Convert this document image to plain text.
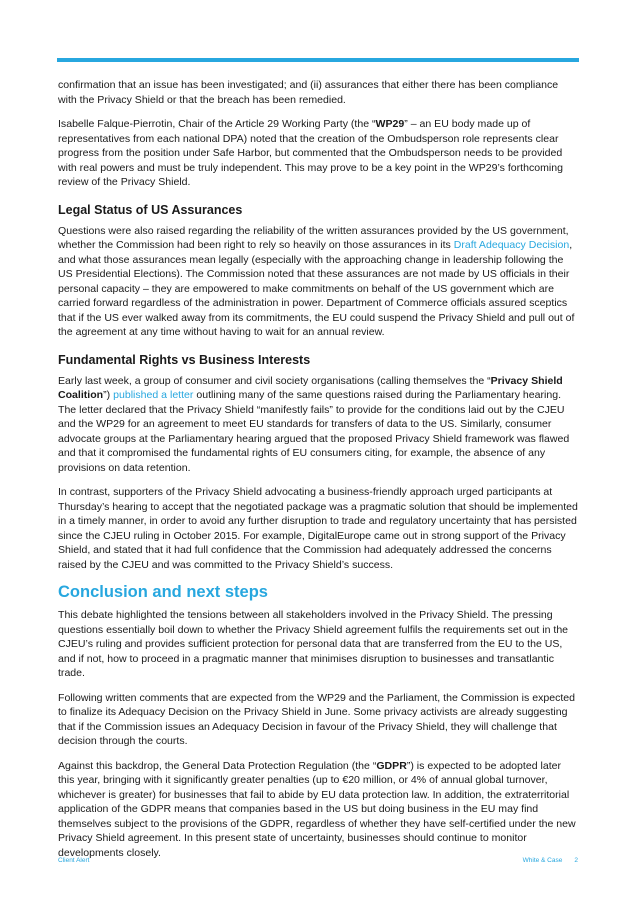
confirmation that an issue has been investigated; and (ii) assurances that either there has been compliance with the Privacy Shield or that the breach has been remedied.

Isabelle Falque-Pierrotin, Chair of the Article 29 Working Party (the “WP29” – an EU body made up of representatives from each national DPA) noted that the creation of the Ombudsperson role represents clear progress from the position under Safe Harbor, but commented that the Ombudsperson needs to be provided with real powers and must be truly independent. This may prove to be a key point in the WP29’s forthcoming review of the Privacy Shield.

Legal Status of US Assurances

Questions were also raised regarding the reliability of the written assurances provided by the US government, whether the Commission had been right to rely so heavily on those assurances in its Draft Adequacy Decision, and what those assurances mean legally (especially with the approaching change in leadership following the US Presidential Elections). The Commission noted that these assurances are not made by US officials in their personal capacity – they are empowered to make commitments on behalf of the US government which are carried forward regardless of the administration in power. Department of Commerce officials assured sceptics that if the US ever walked away from its commitments, the EU could suspend the Privacy Shield and pull out of the agreement at any time without having to wait for an annual review.

Fundamental Rights vs Business Interests

Early last week, a group of consumer and civil society organisations (calling themselves the “Privacy Shield Coalition”) published a letter outlining many of the same questions raised during the Parliamentary hearing. The letter declared that the Privacy Shield “manifestly fails” to provide for the conditions laid out by the CJEU and the WP29 for an agreement to meet EU standards for transfers of data to the US. Similarly, consumer advocate groups at the Parliamentary hearing argued that the proposed Privacy Shield framework was flawed and that it compromised the fundamental rights of EU consumers citing, for example, the absence of any provisions on data retention.

In contrast, supporters of the Privacy Shield advocating a business-friendly approach urged participants at Thursday’s hearing to accept that the negotiated package was a pragmatic solution that should be implemented in a timely manner, in order to avoid any further disruption to trade and regulatory uncertainty that has persisted since the CJEU ruling in October 2015. For example, DigitalEurope came out in strong support of the Privacy Shield, and stated that it had full confidence that the Commission had adequately addressed the concerns raised by the CJEU and was committed to the Privacy Shield’s success.

Conclusion and next steps

This debate highlighted the tensions between all stakeholders involved in the Privacy Shield. The pressing questions essentially boil down to whether the Privacy Shield agreement fulfils the requirements set out in the CJEU’s ruling and provides sufficient protection for personal data that are transferred from the EU to the US, and if not, how to proceed in a pragmatic manner that minimises disruption to businesses and transatlantic trade.

Following written comments that are expected from the WP29 and the Parliament, the Commission is expected to finalize its Adequacy Decision on the Privacy Shield in June. Some privacy activists are already suggesting that if the Commission issues an Adequacy Decision in favour of the Privacy Shield, they will challenge that decision through the courts.

Against this backdrop, the General Data Protection Regulation (the “GDPR”) is expected to be adopted later this year, bringing with it significantly greater penalties (up to €20 million, or 4% of annual global turnover, whichever is greater) for businesses that fail to abide by EU data protection law. In addition, the extraterritorial application of the GDPR means that companies based in the US but doing business in the EU may find themselves subject to the provisions of the GDPR, regardless of whether they have self-certified under the new Privacy Shield agreement. In this present state of uncertainty, businesses should continue to monitor developments closely.

Client Alert	White & Case 2
